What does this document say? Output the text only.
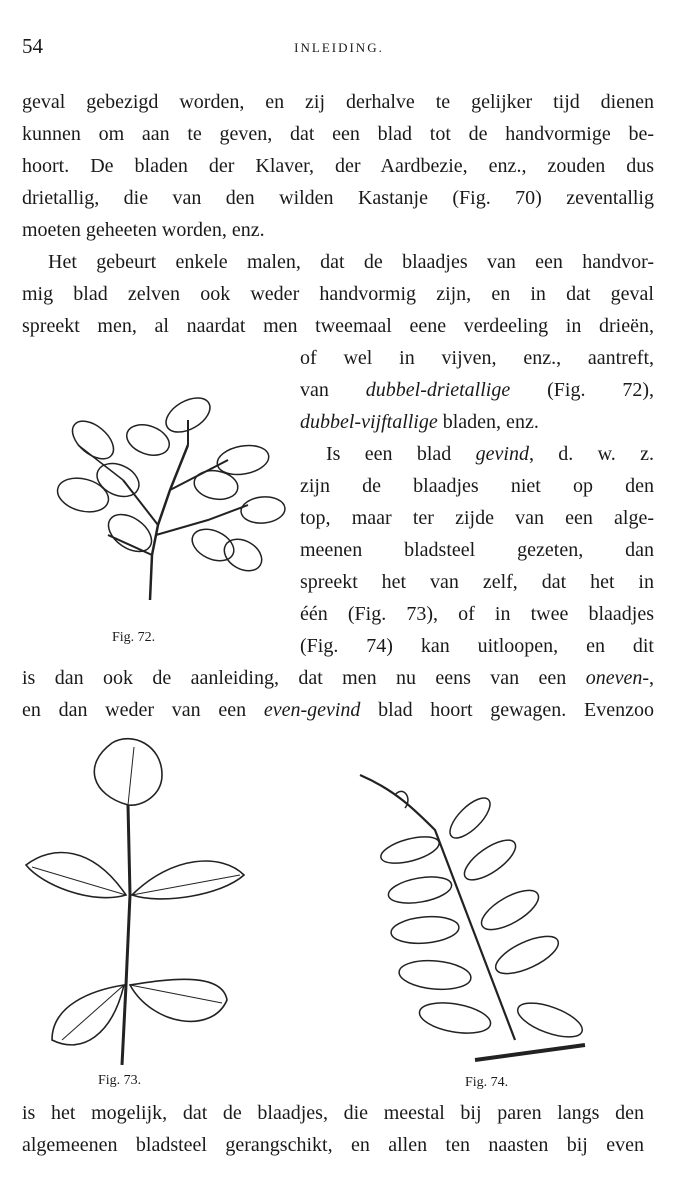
54	INLEIDING.
geval gebezigd worden, en zij derhalve te gelijker tijd dienen
kunnen om aan te geven, dat een blad tot de handvormige be-
hoort. De bladen der Klaver, der Aardbezie, enz., zouden dus
drietallig, die van den wilden Kastanje (Fig. 70) zeventallig
moeten geheeten worden, enz.
Het gebeurt enkele malen, dat de blaadjes van een handvor-
mig blad zelven ook weder handvormig zijn, en in dat geval
spreekt men, al naardat men tweemaal eene verdeeling in drieën,
Fig. 72.
of wel in vijven, enz., aantreft,
van dubbel-drietallige (Fig. 72),
dubbel-vijftallige bladen, enz.
Is een blad gevind, d. w. z.
zijn de blaadjes niet op den
top, maar ter zijde van een alge-
meenen bladsteel gezeten, dan
spreekt het van zelf, dat het in
één (Fig. 73), of in twee blaadjes
(Fig. 74) kan uitloopen, en dit
is dan ook de aanleiding, dat men nu eens van een oneven-,
en dan weder van een even-gevind blad hoort gewagen. Evenzoo
Fig. 73.	Fig. 74.
is het mogelijk, dat de blaadjes, die meestal bij paren langs den
algemeenen bladsteel gerangschikt, en allen ten naasten bij even
